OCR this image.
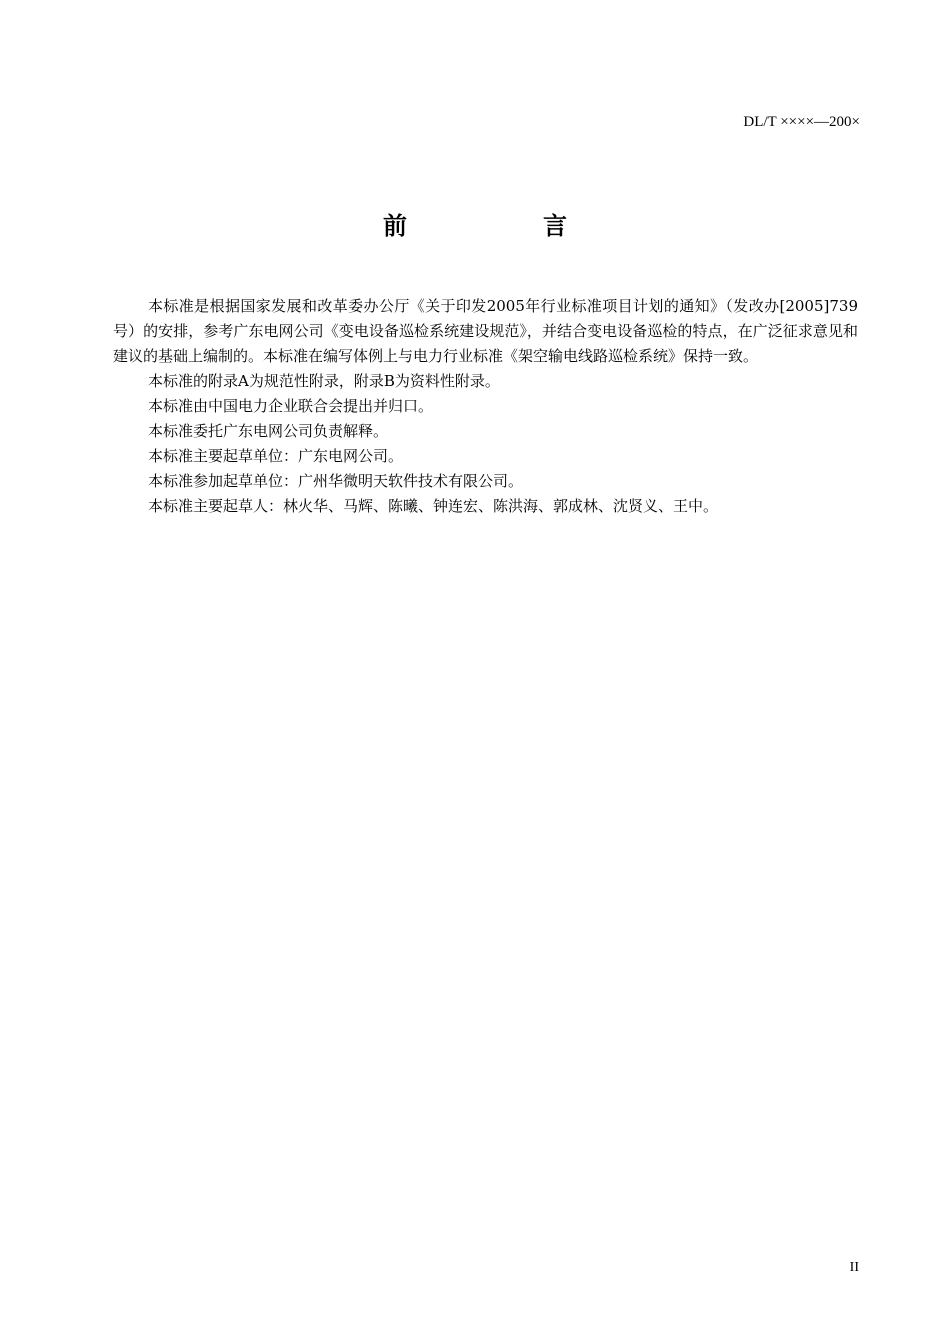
DL/T ××××—200×
前　言

本标准是根据国家发展和改革委办公厅《关于印发2005年行业标准项目计划的通知》（发改办[2005]739号）的安排，参考广东电网公司《变电设备巡检系统建设规范》，并结合变电设备巡检的特点，在广泛征求意见和建议的基础上编制的。本标准在编写体例上与电力行业标准《架空输电线路巡检系统》保持一致。

本标准的附录A为规范性附录，附录B为资料性附录。

本标准由中国电力企业联合会提出并归口。

本标准委托广东电网公司负责解释。

本标准主要起草单位：广东电网公司。

本标准参加起草单位：广州华微明天软件技术有限公司。

本标准主要起草人：林火华、马辉、陈曦、钟连宏、陈洪海、郭成林、沈贤义、王中。

II
